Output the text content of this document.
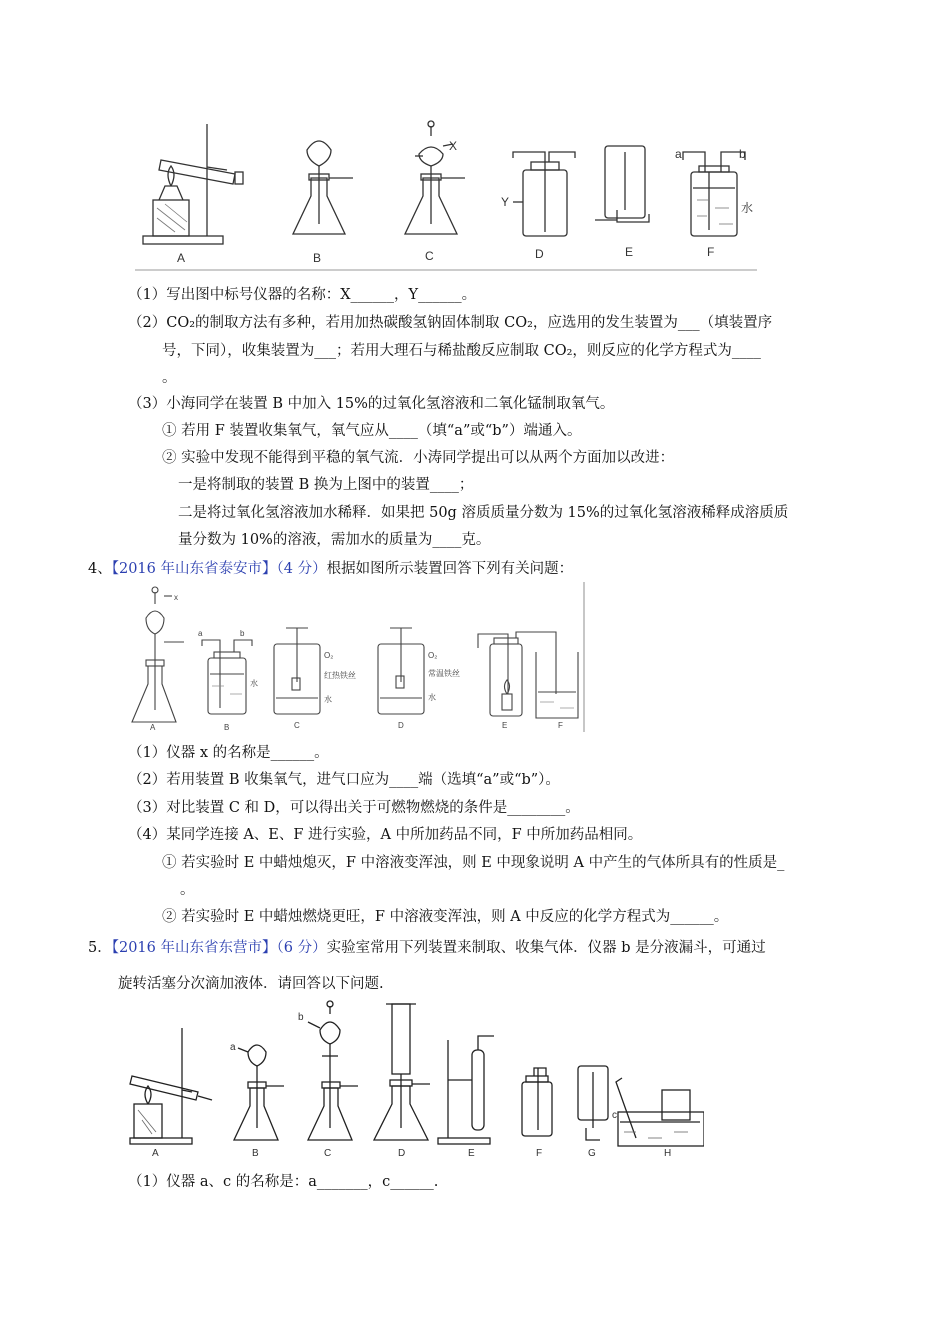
A	B	C	D	E	F
X
Y
a	b
水
（1）写出图中标号仪器的名称：X______，Y______。
（2）CO₂的制取方法有多种，若用加热碳酸氢钠固体制取 CO₂，应选用的发生装置为___（填装置序
号，下同），收集装置为___；若用大理石与稀盐酸反应制取 CO₂，则反应的化学方程式为____
。
（3）小海同学在装置 B 中加入 15%的过氧化氢溶液和二氧化锰制取氧气。
① 若用 F 装置收集氧气，氧气应从____（填“a”或“b”）端通入。
② 实验中发现不能得到平稳的氧气流．小涛同学提出可以从两个方面加以改进：
一是将制取的装置 B 换为上图中的装置____；
二是将过氧化氢溶液加水稀释．如果把 50g 溶质质量分数为 15%的过氧化氢溶液稀释成溶质质
量分数为 10%的溶液，需加水的质量为____克。
4、【2016 年山东省泰安市】（4 分）根据如图所示装置回答下列有关问题：
A	B	C	D	E	F
x
a	b
水
O₂
红热铁丝
水
O₂
常温铁丝
水
（1）仪器 x 的名称是______。
（2）若用装置 B 收集氧气，进气口应为____端（选填“a”或“b”）。
（3）对比装置 C 和 D，可以得出关于可燃物燃烧的条件是________。
（4）某同学连接 A、E、F 进行实验，A 中所加药品不同，F 中所加药品相同。
① 若实验时 E 中蜡烛熄灭，F 中溶液变浑浊，则 E 中现象说明 A 中产生的气体所具有的性质是_
。
② 若实验时 E 中蜡烛燃烧更旺，F 中溶液变浑浊，则 A 中反应的化学方程式为______。
5．【2016 年山东省东营市】（6 分）实验室常用下列装置来制取、收集气体．仪器 b 是分液漏斗，可通过
旋转活塞分次滴加液体．请回答以下问题.
A	B	C	D	E	F	G	H
a
b
c
（1）仪器 a、c 的名称是：a_______，c______.
